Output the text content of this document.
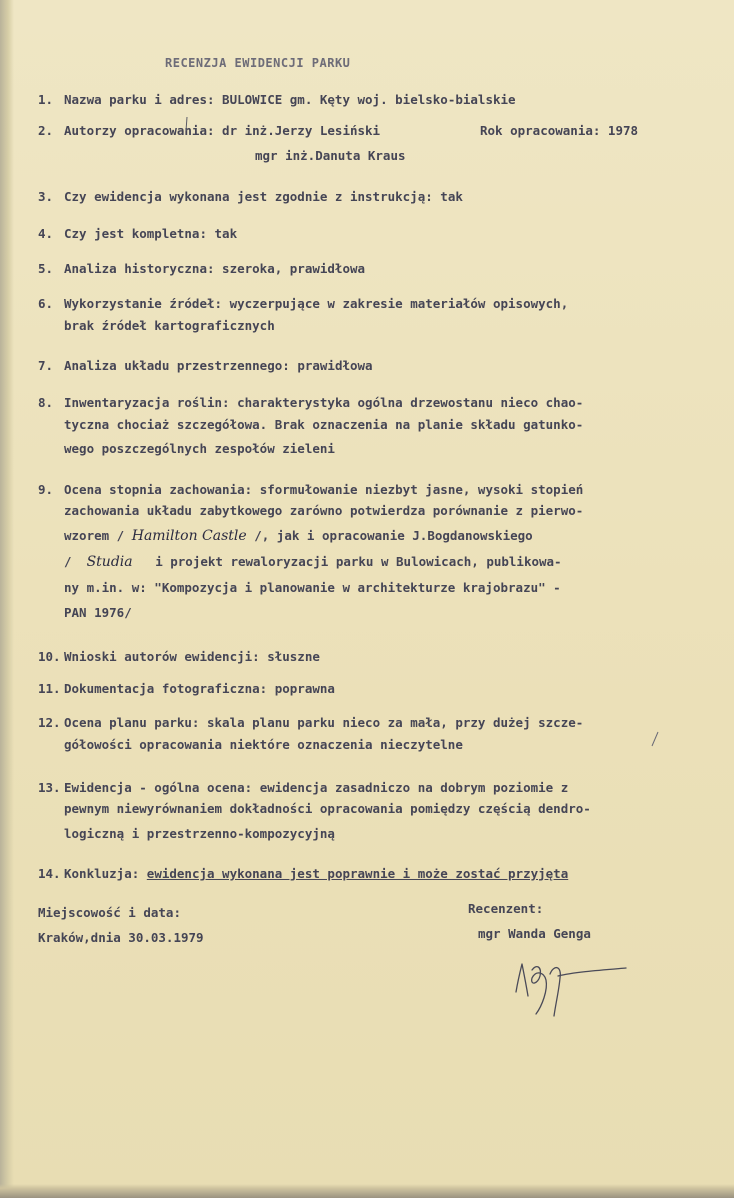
RECENZJA EWIDENCJI PARKU
1. Nazwa parku i adres: BULOWICE gm. Kęty woj. bielsko-bialskie
2. Autorzy opracowania: dr inż.Jerzy Lesiński	Rok opracowania: 1978
mgr inż.Danuta Kraus
3. Czy ewidencja wykonana jest zgodnie z instrukcją: tak
4. Czy jest kompletna: tak
5. Analiza historyczna: szeroka, prawidłowa
6. Wykorzystanie źródeł: wyczerpujące w zakresie materiałów opisowych,
brak źródeł kartograficznych
7. Analiza układu przestrzennego: prawidłowa
8. Inwentaryzacja roślin: charakterystyka ogólna drzewostanu nieco chao-
tyczna chociaż szczegółowa. Brak oznaczenia na planie składu gatunko-
wego poszczególnych zespołów zieleni
9. Ocena stopnia zachowania: sformułowanie niezbyt jasne, wysoki stopień
zachowania układu zabytkowego zarówno potwierdza porównanie z pierwo-
wzorem / Hamilton Castle /, jak i opracowanie J.Bogdanowskiego
/ Studia i projekt rewaloryzacji parku w Bulowicach, publikowa-
ny m.in. w: "Kompozycja i planowanie w architekturze krajobrazu" -
PAN 1976/
10. Wnioski autorów ewidencji: słuszne
11. Dokumentacja fotograficzna: poprawna
12. Ocena planu parku: skala planu parku nieco za mała, przy dużej szcze-
gółowości opracowania niektóre oznaczenia nieczytelne
13. Ewidencja - ogólna ocena: ewidencja zasadniczo na dobrym poziomie z
pewnym niewyrównaniem dokładności opracowania pomiędzy częścią dendro-
logiczną i przestrzenno-kompozycyjną
14. Konkluzja: ewidencja wykonana jest poprawnie i może zostać przyjęta
Miejscowość i data:
Kraków,dnia 30.03.1979
Recenzent:
mgr Wanda Genga
